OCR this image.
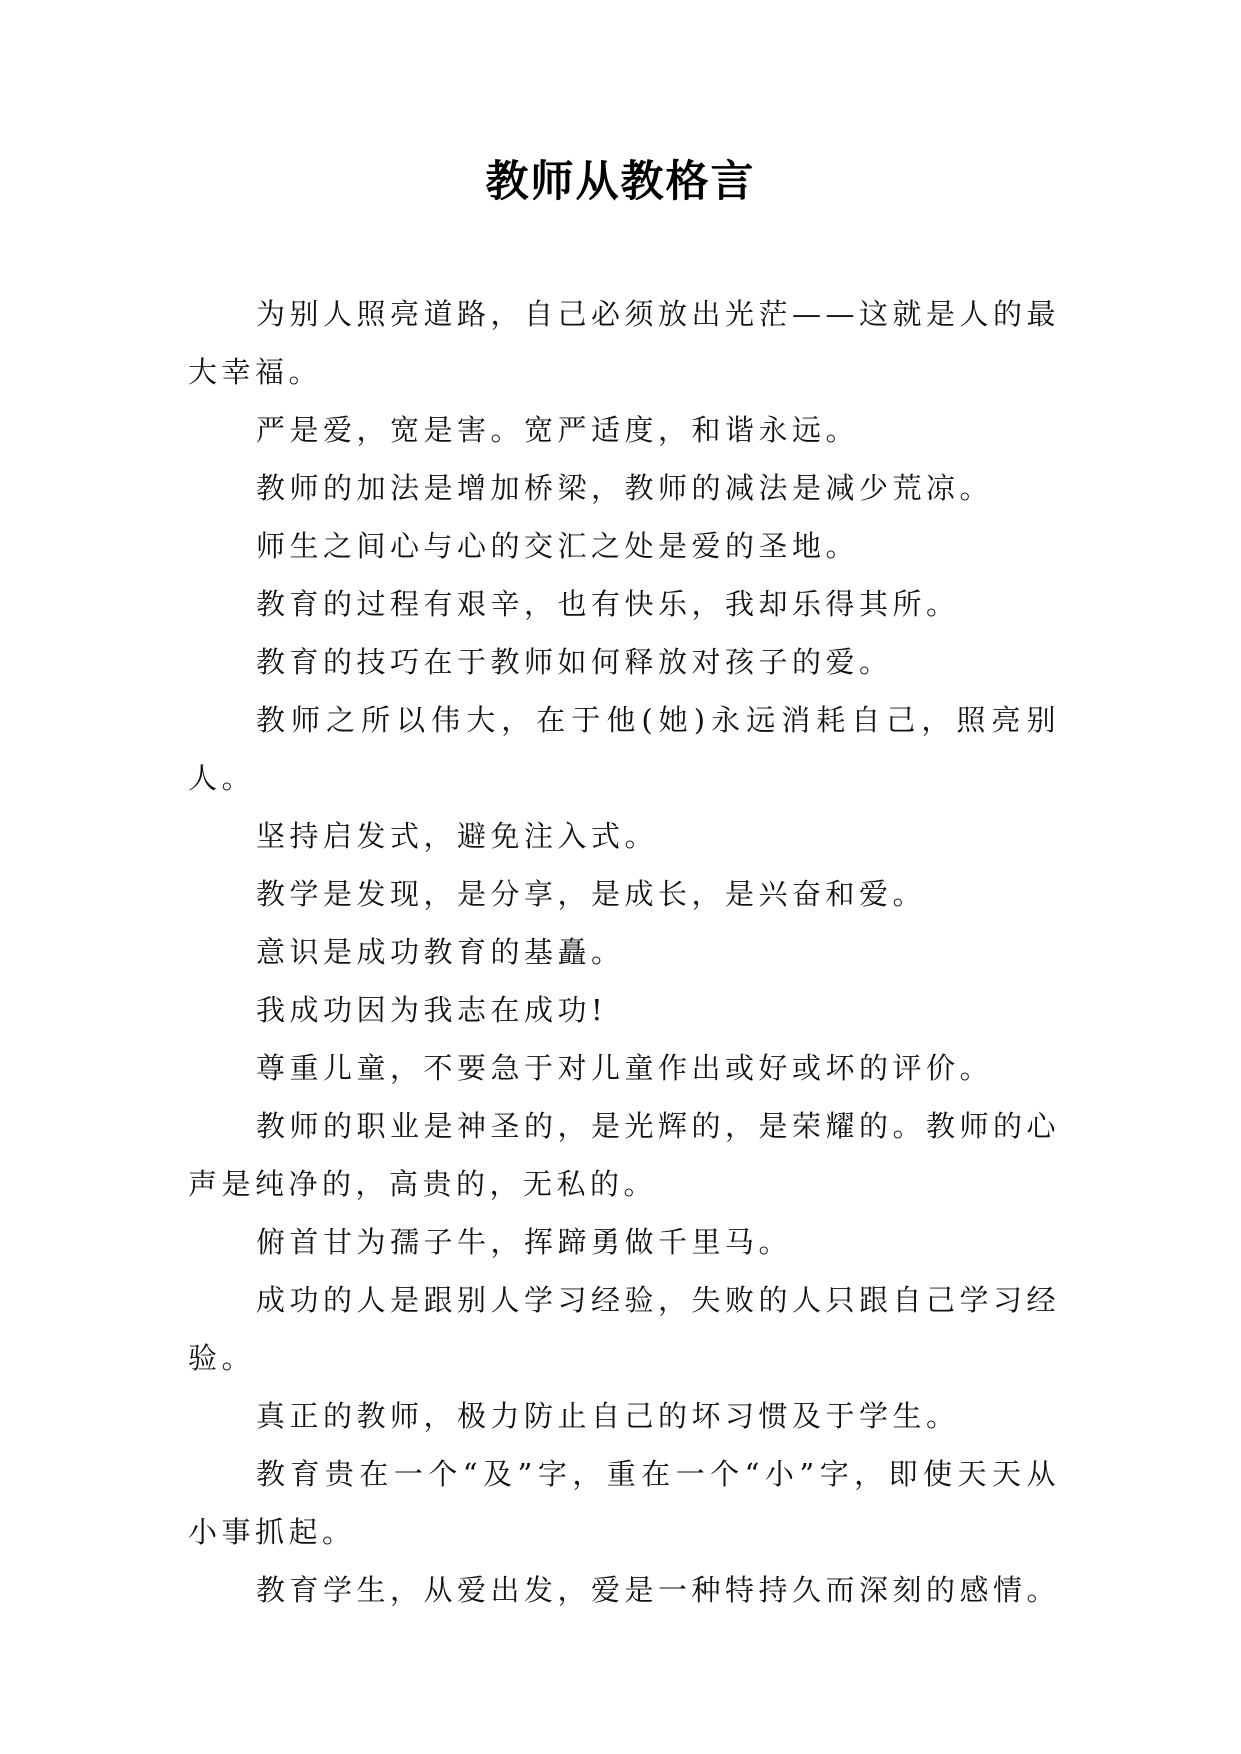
教师从教格言

为别人照亮道路，自己必须放出光茫——这就是人的最大幸福。

严是爱，宽是害。宽严适度，和谐永远。

教师的加法是增加桥梁，教师的减法是减少荒凉。

师生之间心与心的交汇之处是爱的圣地。

教育的过程有艰辛，也有快乐，我却乐得其所。

教育的技巧在于教师如何释放对孩子的爱。

教师之所以伟大，在于他(她)永远消耗自己，照亮别人。

坚持启发式，避免注入式。

教学是发现，是分享，是成长，是兴奋和爱。

意识是成功教育的基矗。

我成功因为我志在成功!

尊重儿童，不要急于对儿童作出或好或坏的评价。

教师的职业是神圣的，是光辉的，是荣耀的。教师的心声是纯净的，高贵的，无私的。

俯首甘为孺子牛，挥蹄勇做千里马。

成功的人是跟别人学习经验，失败的人只跟自己学习经验。

真正的教师，极力防止自己的坏习惯及于学生。

教育贵在一个“及”字，重在一个“小”字，即使天天从小事抓起。

教育学生，从爱出发，爱是一种特持久而深刻的感情。
